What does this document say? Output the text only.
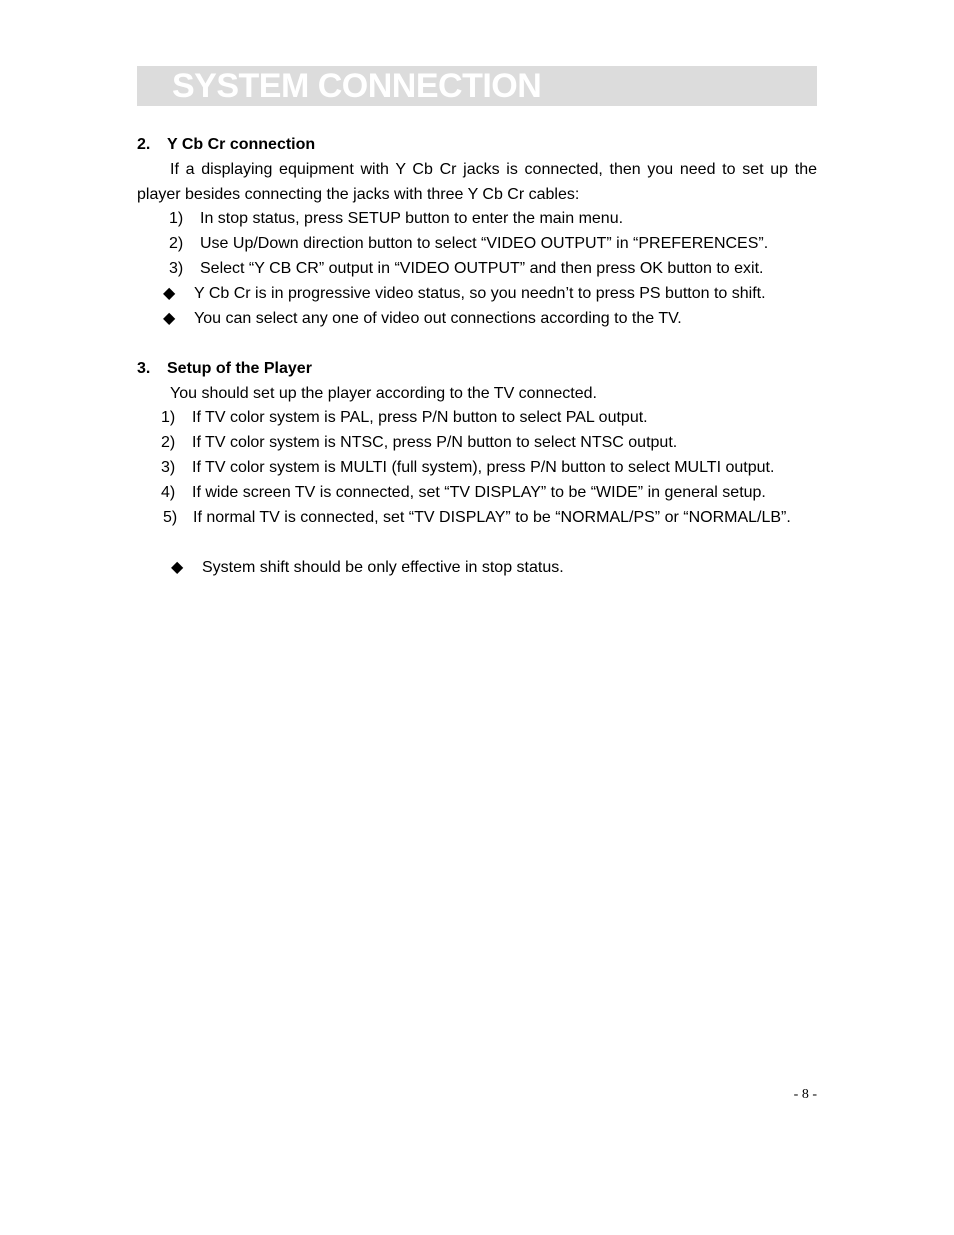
SYSTEM CONNECTION
2. Y Cb Cr connection
If a displaying equipment with Y Cb Cr jacks is connected, then you need to set up the player besides connecting the jacks with three Y Cb Cr cables:
1) In stop status, press SETUP button to enter the main menu.
2) Use Up/Down direction button to select “VIDEO OUTPUT” in “PREFERENCES”.
3) Select “Y CB CR” output in “VIDEO OUTPUT” and then press OK button to exit.
◆ Y Cb Cr is in progressive video status, so you needn’t to press PS button to shift.
◆ You can select any one of video out connections according to the TV.
3. Setup of the Player
You should set up the player according to the TV connected.
1) If TV color system is PAL, press P/N button to select PAL output.
2) If TV color system is NTSC, press P/N button to select NTSC output.
3) If TV color system is MULTI (full system), press P/N button to select MULTI output.
4) If wide screen TV is connected, set “TV DISPLAY” to be “WIDE” in general setup.
5) If normal TV is connected, set “TV DISPLAY” to be “NORMAL/PS” or “NORMAL/LB”.
◆ System shift should be only effective in stop status.
- 8 -
